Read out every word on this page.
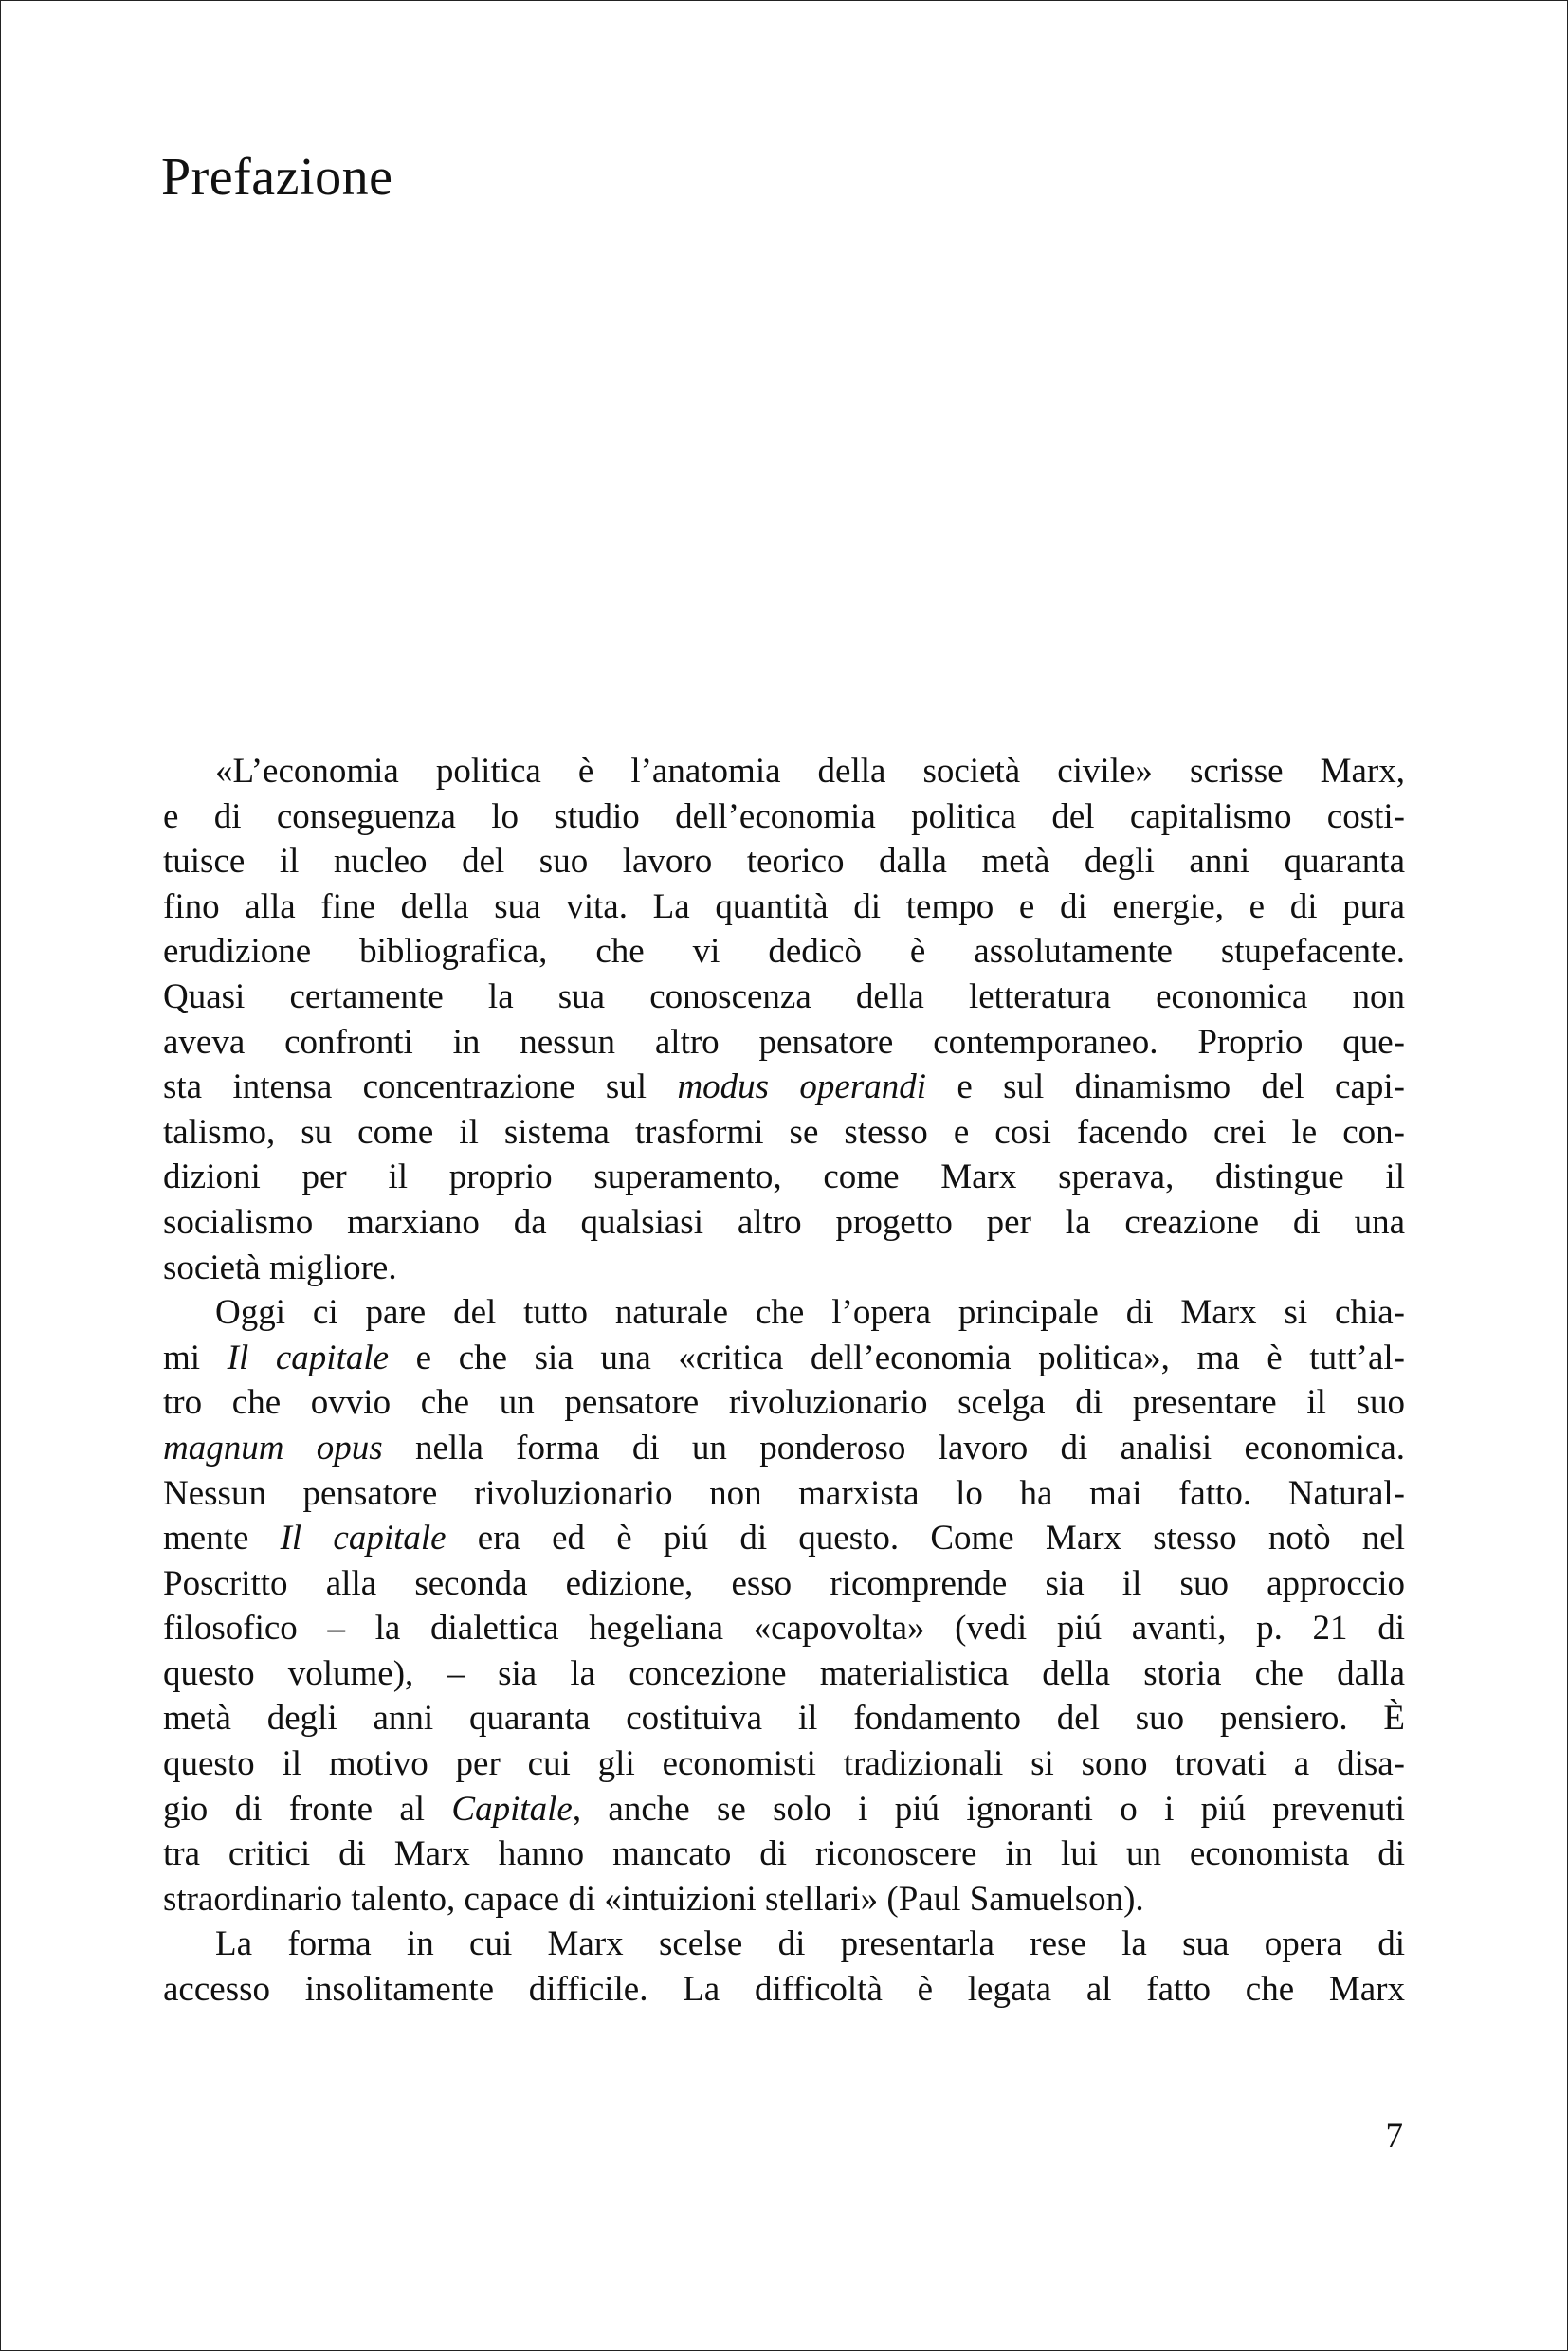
Prefazione
«L’economia politica è l’anatomia della società civile» scrisse Marx,
e di conseguenza lo studio dell’economia politica del capitalismo costi-
tuisce il nucleo del suo lavoro teorico dalla metà degli anni quaranta
fino alla fine della sua vita. La quantità di tempo e di energie, e di pura
erudizione bibliografica, che vi dedicò è assolutamente stupefacente.
Quasi certamente la sua conoscenza della letteratura economica non
aveva confronti in nessun altro pensatore contemporaneo. Proprio que-
sta intensa concentrazione sul modus operandi e sul dinamismo del capi-
talismo, su come il sistema trasformi se stesso e cosi facendo crei le con-
dizioni per il proprio superamento, come Marx sperava, distingue il
socialismo marxiano da qualsiasi altro progetto per la creazione di una
società migliore.
Oggi ci pare del tutto naturale che l’opera principale di Marx si chia-
mi Il capitale e che sia una «critica dell’economia politica», ma è tutt’al-
tro che ovvio che un pensatore rivoluzionario scelga di presentare il suo
magnum opus nella forma di un ponderoso lavoro di analisi economica.
Nessun pensatore rivoluzionario non marxista lo ha mai fatto. Natural-
mente Il capitale era ed è piú di questo. Come Marx stesso notò nel
Poscritto alla seconda edizione, esso ricomprende sia il suo approccio
filosofico – la dialettica hegeliana «capovolta» (vedi piú avanti, p. 21 di
questo volume), – sia la concezione materialistica della storia che dalla
metà degli anni quaranta costituiva il fondamento del suo pensiero. È
questo il motivo per cui gli economisti tradizionali si sono trovati a disa-
gio di fronte al Capitale, anche se solo i piú ignoranti o i piú prevenuti
tra critici di Marx hanno mancato di riconoscere in lui un economista di
straordinario talento, capace di «intuizioni stellari» (Paul Samuelson).
La forma in cui Marx scelse di presentarla rese la sua opera di
accesso insolitamente difficile. La difficoltà è legata al fatto che Marx
7
